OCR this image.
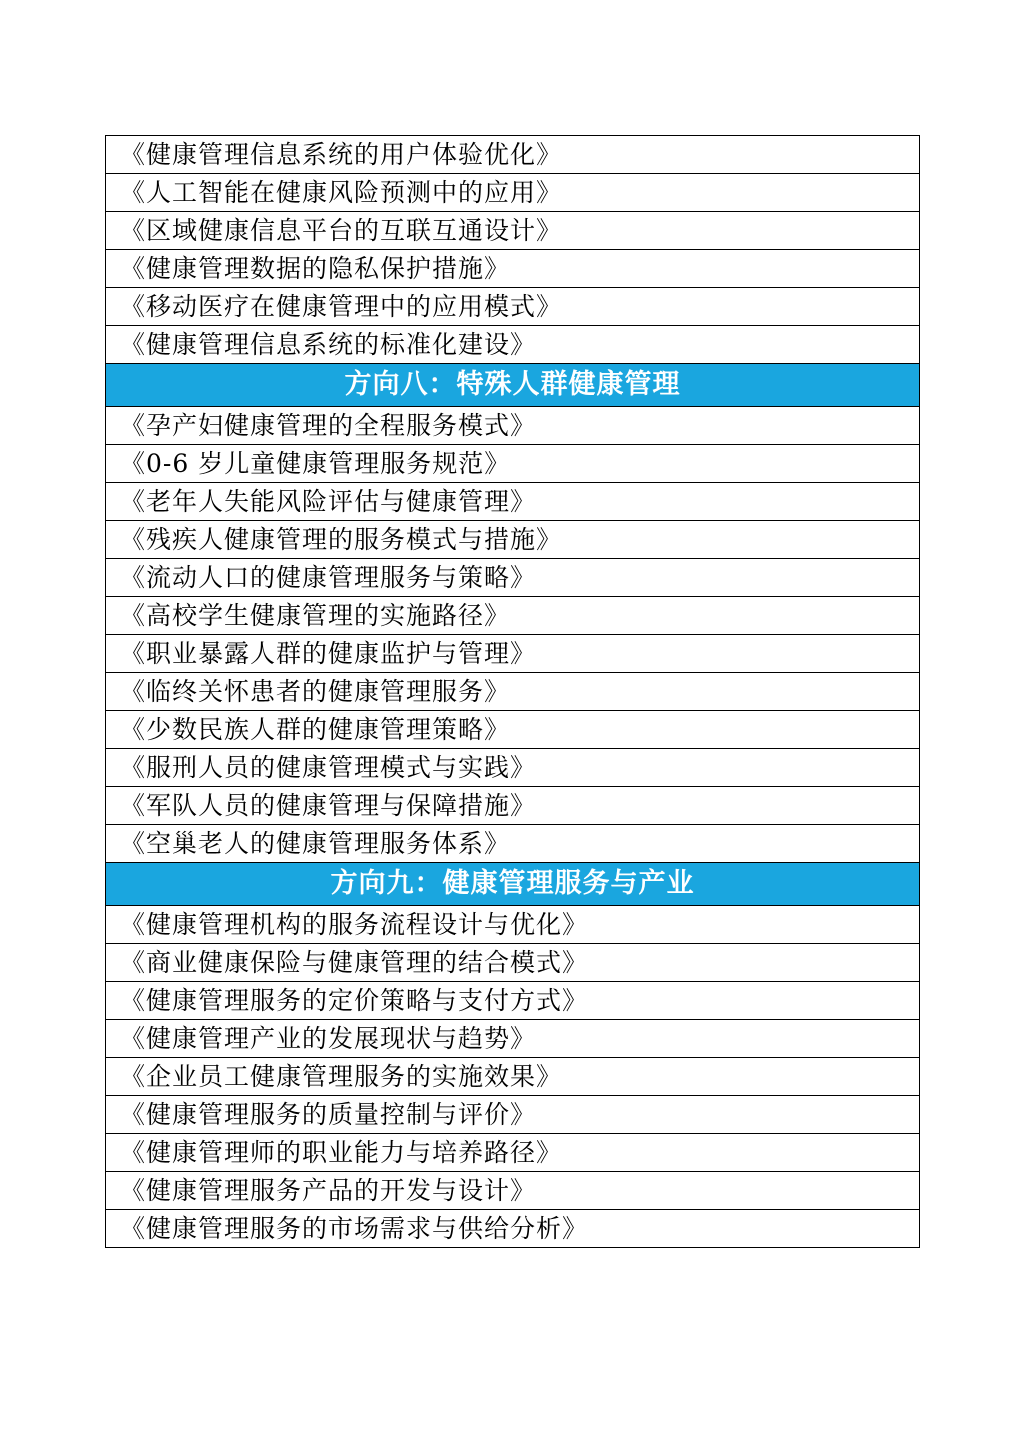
《健康管理信息系统的用户体验优化》
《人工智能在健康风险预测中的应用》
《区域健康信息平台的互联互通设计》
《健康管理数据的隐私保护措施》
《移动医疗在健康管理中的应用模式》
《健康管理信息系统的标准化建设》
方向八：特殊人群健康管理
《孕产妇健康管理的全程服务模式》
《0-6 岁儿童健康管理服务规范》
《老年人失能风险评估与健康管理》
《残疾人健康管理的服务模式与措施》
《流动人口的健康管理服务与策略》
《高校学生健康管理的实施路径》
《职业暴露人群的健康监护与管理》
《临终关怀患者的健康管理服务》
《少数民族人群的健康管理策略》
《服刑人员的健康管理模式与实践》
《军队人员的健康管理与保障措施》
《空巢老人的健康管理服务体系》
方向九：健康管理服务与产业
《健康管理机构的服务流程设计与优化》
《商业健康保险与健康管理的结合模式》
《健康管理服务的定价策略与支付方式》
《健康管理产业的发展现状与趋势》
《企业员工健康管理服务的实施效果》
《健康管理服务的质量控制与评价》
《健康管理师的职业能力与培养路径》
《健康管理服务产品的开发与设计》
《健康管理服务的市场需求与供给分析》
